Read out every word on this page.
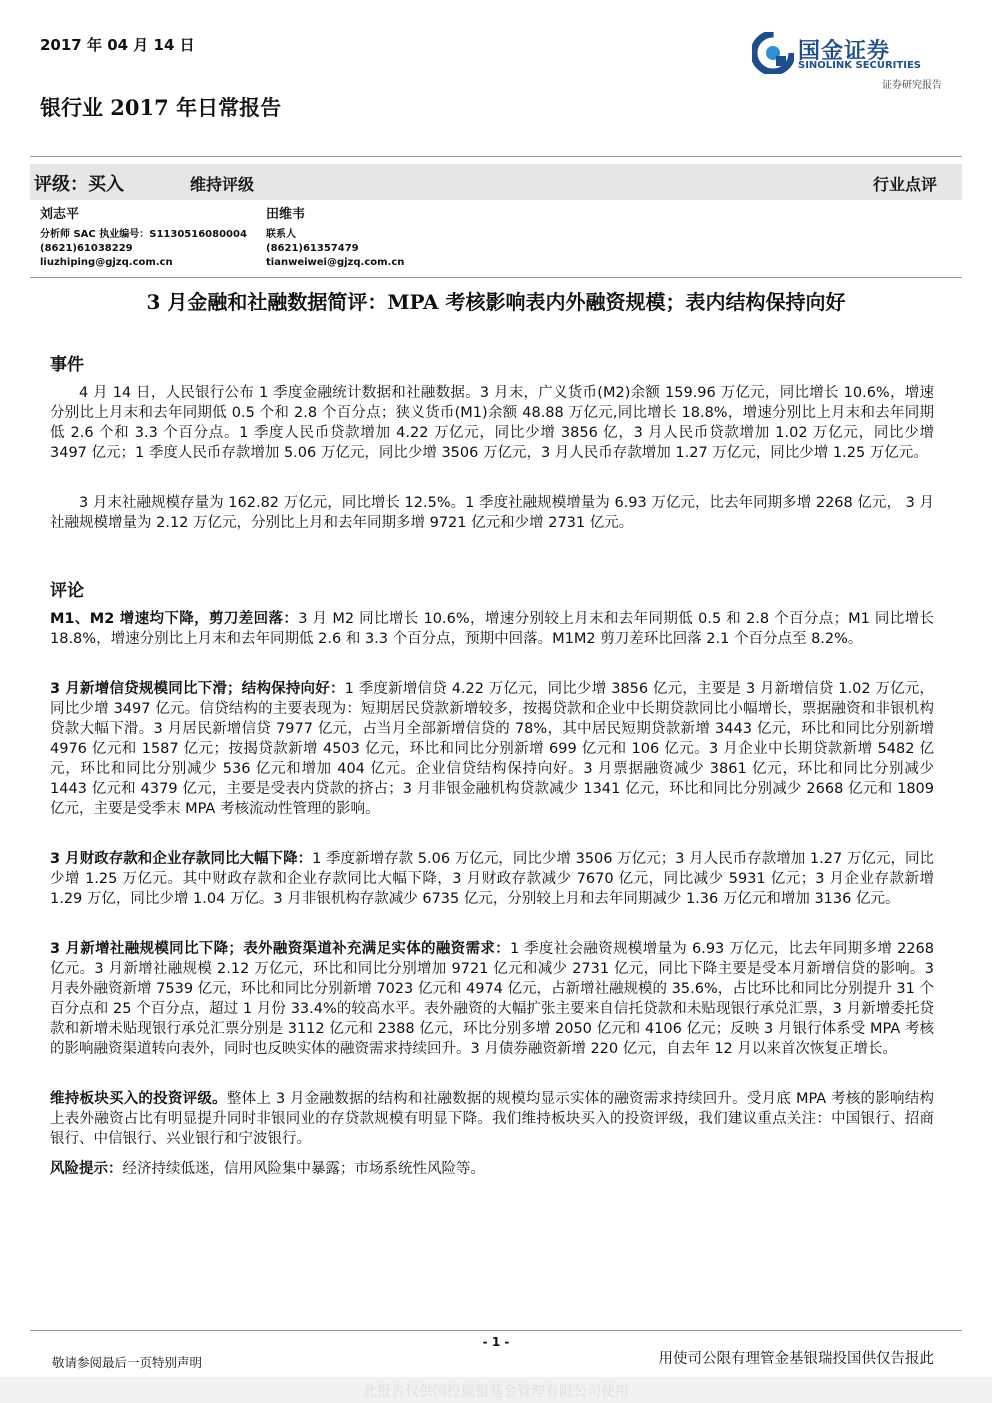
2017 年 04 月 14 日
银行业 2017 年日常报告
国金证券
SINOLINK SECURITIES
证券研究报告
评级：买入	维持评级	行业点评
刘志平
分析师 SAC 执业编号：S1130516080004
(8621)61038229
liuzhiping@gjzq.com.cn
田维韦
联系人
(8621)61357479
tianweiwei@gjzq.com.cn
3 月金融和社融数据简评：MPA 考核影响表内外融资规模；表内结构保持向好
事件
4 月 14 日，人民银行公布 1 季度金融统计数据和社融数据。3 月末，广义货币(M2)余额 159.96 万亿元，同比增长 10.6%，增速分别比上月末和去年同期低 0.5 个和 2.8 个百分点；狭义货币(M1)余额 48.88 万亿元,同比增长 18.8%，增速分别比上月末和去年同期低 2.6 个和 3.3 个百分点。1 季度人民币贷款增加 4.22 万亿元，同比少增 3856 亿，3 月人民币贷款增加 1.02 万亿元，同比少增 3497 亿元；1 季度人民币存款增加 5.06 万亿元，同比少增 3506 万亿元，3 月人民币存款增加 1.27 万亿元，同比少增 1.25 万亿元。
3 月末社融规模存量为 162.82 万亿元，同比增长 12.5%。1 季度社融规模增量为 6.93 万亿元，比去年同期多增 2268 亿元， 3 月社融规模增量为 2.12 万亿元，分别比上月和去年同期多增 9721 亿元和少增 2731 亿元。
评论
M1、M2 增速均下降，剪刀差回落：3 月 M2 同比增长 10.6%，增速分别较上月末和去年同期低 0.5 和 2.8 个百分点；M1 同比增长 18.8%，增速分别比上月末和去年同期低 2.6 和 3.3 个百分点，预期中回落。M1M2 剪刀差环比回落 2.1 个百分点至 8.2%。
3 月新增信贷规模同比下滑；结构保持向好：1 季度新增信贷 4.22 万亿元，同比少增 3856 亿元，主要是 3 月新增信贷 1.02 万亿元，同比少增 3497 亿元。信贷结构的主要表现为：短期居民贷款新增较多，按揭贷款和企业中长期贷款同比小幅增长，票据融资和非银机构贷款大幅下滑。3 月居民新增信贷 7977 亿元，占当月全部新增信贷的 78%，其中居民短期贷款新增 3443 亿元，环比和同比分别新增 4976 亿元和 1587 亿元；按揭贷款新增 4503 亿元，环比和同比分别新增 699 亿元和 106 亿元。3 月企业中长期贷款新增 5482 亿元，环比和同比分别减少 536 亿元和增加 404 亿元。企业信贷结构保持向好。3 月票据融资减少 3861 亿元，环比和同比分别减少 1443 亿元和 4379 亿元，主要是受表内贷款的挤占；3 月非银金融机构贷款减少 1341 亿元，环比和同比分别减少 2668 亿元和 1809 亿元，主要是受季末 MPA 考核流动性管理的影响。
3 月财政存款和企业存款同比大幅下降：1 季度新增存款 5.06 万亿元，同比少增 3506 万亿元；3 月人民币存款增加 1.27 万亿元，同比少增 1.25 万亿元。其中财政存款和企业存款同比大幅下降，3 月财政存款减少 7670 亿元，同比减少 5931 亿元；3 月企业存款新增 1.29 万亿，同比少增 1.04 万亿。3 月非银机构存款减少 6735 亿元，分别较上月和去年同期减少 1.36 万亿元和增加 3136 亿元。
3 月新增社融规模同比下降；表外融资渠道补充满足实体的融资需求：1 季度社会融资规模增量为 6.93 万亿元，比去年同期多增 2268 亿元。3 月新增社融规模 2.12 万亿元，环比和同比分别增加 9721 亿元和减少 2731 亿元，同比下降主要是受本月新增信贷的影响。3 月表外融资新增 7539 亿元，环比和同比分别新增 7023 亿元和 4974 亿元，占新增社融规模的 35.6%，占比环比和同比分别提升 31 个百分点和 25 个百分点，超过 1 月份 33.4%的较高水平。表外融资的大幅扩张主要来自信托贷款和未贴现银行承兑汇票，3 月新增委托贷款和新增未贴现银行承兑汇票分别是 3112 亿元和 2388 亿元，环比分别多增 2050 亿元和 4106 亿元；反映 3 月银行体系受 MPA 考核的影响融资渠道转向表外，同时也反映实体的融资需求持续回升。3 月债券融资新增 220 亿元，自去年 12 月以来首次恢复正增长。
维持板块买入的投资评级。整体上 3 月金融数据的结构和社融数据的规模均显示实体的融资需求持续回升。受月底 MPA 考核的影响结构上表外融资占比有明显提升同时非银同业的存贷款规模有明显下降。我们维持板块买入的投资评级，我们建议重点关注：中国银行、招商银行、中信银行、兴业银行和宁波银行。
风险提示：经济持续低迷，信用风险集中暴露；市场系统性风险等。
- 1 -
敬请参阅最后一页特别声明	用使司公限有理管金基银瑞投国供仅告报此
此报告仅供国投瑞银基金管理有限公司使用
